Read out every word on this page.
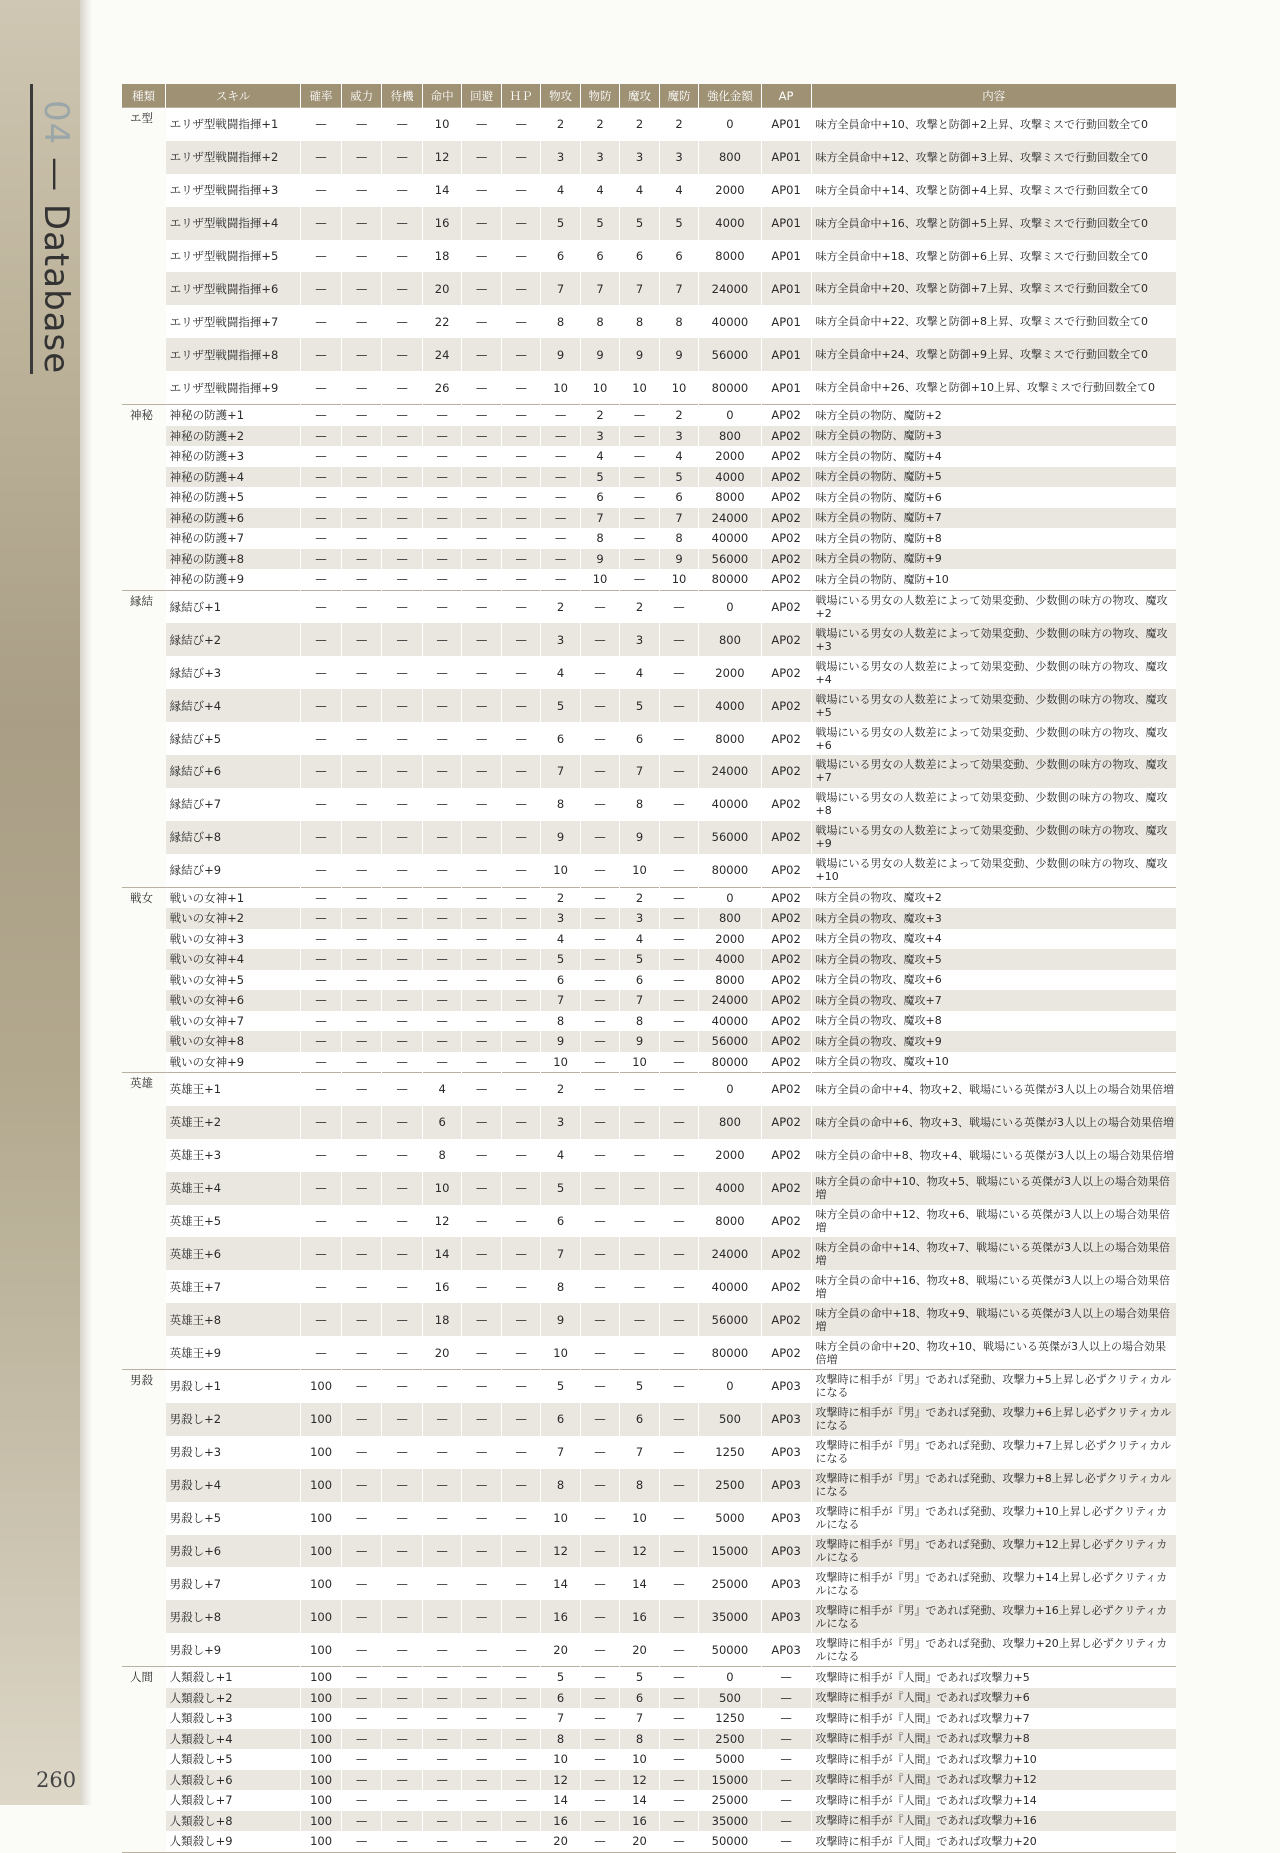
04 — Database
種類	スキル	確率	威力	待機	命中	回避	ＨＰ	物攻	物防	魔攻	魔防	強化金額	AP	内容
エ型	エリザ型戦闘指揮+1	—	—	—	10	—	—	2	2	2	2	0	AP01	味方全員命中+10、攻撃と防御+2上昇、攻撃ミスで行動回数全て0
	エリザ型戦闘指揮+2	—	—	—	12	—	—	3	3	3	3	800	AP01	味方全員命中+12、攻撃と防御+3上昇、攻撃ミスで行動回数全て0
	エリザ型戦闘指揮+3	—	—	—	14	—	—	4	4	4	4	2000	AP01	味方全員命中+14、攻撃と防御+4上昇、攻撃ミスで行動回数全て0
	エリザ型戦闘指揮+4	—	—	—	16	—	—	5	5	5	5	4000	AP01	味方全員命中+16、攻撃と防御+5上昇、攻撃ミスで行動回数全て0
	エリザ型戦闘指揮+5	—	—	—	18	—	—	6	6	6	6	8000	AP01	味方全員命中+18、攻撃と防御+6上昇、攻撃ミスで行動回数全て0
	エリザ型戦闘指揮+6	—	—	—	20	—	—	7	7	7	7	24000	AP01	味方全員命中+20、攻撃と防御+7上昇、攻撃ミスで行動回数全て0
	エリザ型戦闘指揮+7	—	—	—	22	—	—	8	8	8	8	40000	AP01	味方全員命中+22、攻撃と防御+8上昇、攻撃ミスで行動回数全て0
	エリザ型戦闘指揮+8	—	—	—	24	—	—	9	9	9	9	56000	AP01	味方全員命中+24、攻撃と防御+9上昇、攻撃ミスで行動回数全て0
	エリザ型戦闘指揮+9	—	—	—	26	—	—	10	10	10	10	80000	AP01	味方全員命中+26、攻撃と防御+10上昇、攻撃ミスで行動回数全て0
神秘	神秘の防護+1	—	—	—	—	—	—	—	2	—	2	0	AP02	味方全員の物防、魔防+2
	神秘の防護+2	—	—	—	—	—	—	—	3	—	3	800	AP02	味方全員の物防、魔防+3
	神秘の防護+3	—	—	—	—	—	—	—	4	—	4	2000	AP02	味方全員の物防、魔防+4
	神秘の防護+4	—	—	—	—	—	—	—	5	—	5	4000	AP02	味方全員の物防、魔防+5
	神秘の防護+5	—	—	—	—	—	—	—	6	—	6	8000	AP02	味方全員の物防、魔防+6
	神秘の防護+6	—	—	—	—	—	—	—	7	—	7	24000	AP02	味方全員の物防、魔防+7
	神秘の防護+7	—	—	—	—	—	—	—	8	—	8	40000	AP02	味方全員の物防、魔防+8
	神秘の防護+8	—	—	—	—	—	—	—	9	—	9	56000	AP02	味方全員の物防、魔防+9
	神秘の防護+9	—	—	—	—	—	—	—	10	—	10	80000	AP02	味方全員の物防、魔防+10
縁結	縁結び+1	—	—	—	—	—	—	2	—	2	—	0	AP02	戦場にいる男女の人数差によって効果変動、少数側の味方の物攻、魔攻+2
	縁結び+2	—	—	—	—	—	—	3	—	3	—	800	AP02	戦場にいる男女の人数差によって効果変動、少数側の味方の物攻、魔攻+3
	縁結び+3	—	—	—	—	—	—	4	—	4	—	2000	AP02	戦場にいる男女の人数差によって効果変動、少数側の味方の物攻、魔攻+4
	縁結び+4	—	—	—	—	—	—	5	—	5	—	4000	AP02	戦場にいる男女の人数差によって効果変動、少数側の味方の物攻、魔攻+5
	縁結び+5	—	—	—	—	—	—	6	—	6	—	8000	AP02	戦場にいる男女の人数差によって効果変動、少数側の味方の物攻、魔攻+6
	縁結び+6	—	—	—	—	—	—	7	—	7	—	24000	AP02	戦場にいる男女の人数差によって効果変動、少数側の味方の物攻、魔攻+7
	縁結び+7	—	—	—	—	—	—	8	—	8	—	40000	AP02	戦場にいる男女の人数差によって効果変動、少数側の味方の物攻、魔攻+8
	縁結び+8	—	—	—	—	—	—	9	—	9	—	56000	AP02	戦場にいる男女の人数差によって効果変動、少数側の味方の物攻、魔攻+9
	縁結び+9	—	—	—	—	—	—	10	—	10	—	80000	AP02	戦場にいる男女の人数差によって効果変動、少数側の味方の物攻、魔攻+10
戦女	戦いの女神+1	—	—	—	—	—	—	2	—	2	—	0	AP02	味方全員の物攻、魔攻+2
	戦いの女神+2	—	—	—	—	—	—	3	—	3	—	800	AP02	味方全員の物攻、魔攻+3
	戦いの女神+3	—	—	—	—	—	—	4	—	4	—	2000	AP02	味方全員の物攻、魔攻+4
	戦いの女神+4	—	—	—	—	—	—	5	—	5	—	4000	AP02	味方全員の物攻、魔攻+5
	戦いの女神+5	—	—	—	—	—	—	6	—	6	—	8000	AP02	味方全員の物攻、魔攻+6
	戦いの女神+6	—	—	—	—	—	—	7	—	7	—	24000	AP02	味方全員の物攻、魔攻+7
	戦いの女神+7	—	—	—	—	—	—	8	—	8	—	40000	AP02	味方全員の物攻、魔攻+8
	戦いの女神+8	—	—	—	—	—	—	9	—	9	—	56000	AP02	味方全員の物攻、魔攻+9
	戦いの女神+9	—	—	—	—	—	—	10	—	10	—	80000	AP02	味方全員の物攻、魔攻+10
英雄	英雄王+1	—	—	—	4	—	—	2	—	—	—	0	AP02	味方全員の命中+4、物攻+2、戦場にいる英傑が3人以上の場合効果倍増
	英雄王+2	—	—	—	6	—	—	3	—	—	—	800	AP02	味方全員の命中+6、物攻+3、戦場にいる英傑が3人以上の場合効果倍増
	英雄王+3	—	—	—	8	—	—	4	—	—	—	2000	AP02	味方全員の命中+8、物攻+4、戦場にいる英傑が3人以上の場合効果倍増
	英雄王+4	—	—	—	10	—	—	5	—	—	—	4000	AP02	味方全員の命中+10、物攻+5、戦場にいる英傑が3人以上の場合効果倍増
	英雄王+5	—	—	—	12	—	—	6	—	—	—	8000	AP02	味方全員の命中+12、物攻+6、戦場にいる英傑が3人以上の場合効果倍増
	英雄王+6	—	—	—	14	—	—	7	—	—	—	24000	AP02	味方全員の命中+14、物攻+7、戦場にいる英傑が3人以上の場合効果倍増
	英雄王+7	—	—	—	16	—	—	8	—	—	—	40000	AP02	味方全員の命中+16、物攻+8、戦場にいる英傑が3人以上の場合効果倍増
	英雄王+8	—	—	—	18	—	—	9	—	—	—	56000	AP02	味方全員の命中+18、物攻+9、戦場にいる英傑が3人以上の場合効果倍増
	英雄王+9	—	—	—	20	—	—	10	—	—	—	80000	AP02	味方全員の命中+20、物攻+10、戦場にいる英傑が3人以上の場合効果倍増
男殺	男殺し+1	100	—	—	—	—	—	5	—	5	—	0	AP03	攻撃時に相手が『男』であれば発動、攻撃力+5上昇し必ずクリティカルになる
	男殺し+2	100	—	—	—	—	—	6	—	6	—	500	AP03	攻撃時に相手が『男』であれば発動、攻撃力+6上昇し必ずクリティカルになる
	男殺し+3	100	—	—	—	—	—	7	—	7	—	1250	AP03	攻撃時に相手が『男』であれば発動、攻撃力+7上昇し必ずクリティカルになる
	男殺し+4	100	—	—	—	—	—	8	—	8	—	2500	AP03	攻撃時に相手が『男』であれば発動、攻撃力+8上昇し必ずクリティカルになる
	男殺し+5	100	—	—	—	—	—	10	—	10	—	5000	AP03	攻撃時に相手が『男』であれば発動、攻撃力+10上昇し必ずクリティカルになる
	男殺し+6	100	—	—	—	—	—	12	—	12	—	15000	AP03	攻撃時に相手が『男』であれば発動、攻撃力+12上昇し必ずクリティカルになる
	男殺し+7	100	—	—	—	—	—	14	—	14	—	25000	AP03	攻撃時に相手が『男』であれば発動、攻撃力+14上昇し必ずクリティカルになる
	男殺し+8	100	—	—	—	—	—	16	—	16	—	35000	AP03	攻撃時に相手が『男』であれば発動、攻撃力+16上昇し必ずクリティカルになる
	男殺し+9	100	—	—	—	—	—	20	—	20	—	50000	AP03	攻撃時に相手が『男』であれば発動、攻撃力+20上昇し必ずクリティカルになる
人間	人類殺し+1	100	—	—	—	—	—	5	—	5	—	0	—	攻撃時に相手が『人間』であれば攻撃力+5
	人類殺し+2	100	—	—	—	—	—	6	—	6	—	500	—	攻撃時に相手が『人間』であれば攻撃力+6
	人類殺し+3	100	—	—	—	—	—	7	—	7	—	1250	—	攻撃時に相手が『人間』であれば攻撃力+7
	人類殺し+4	100	—	—	—	—	—	8	—	8	—	2500	—	攻撃時に相手が『人間』であれば攻撃力+8
	人類殺し+5	100	—	—	—	—	—	10	—	10	—	5000	—	攻撃時に相手が『人間』であれば攻撃力+10
	人類殺し+6	100	—	—	—	—	—	12	—	12	—	15000	—	攻撃時に相手が『人間』であれば攻撃力+12
	人類殺し+7	100	—	—	—	—	—	14	—	14	—	25000	—	攻撃時に相手が『人間』であれば攻撃力+14
	人類殺し+8	100	—	—	—	—	—	16	—	16	—	35000	—	攻撃時に相手が『人間』であれば攻撃力+16
	人類殺し+9	100	—	—	—	—	—	20	—	20	—	50000	—	攻撃時に相手が『人間』であれば攻撃力+20
260
